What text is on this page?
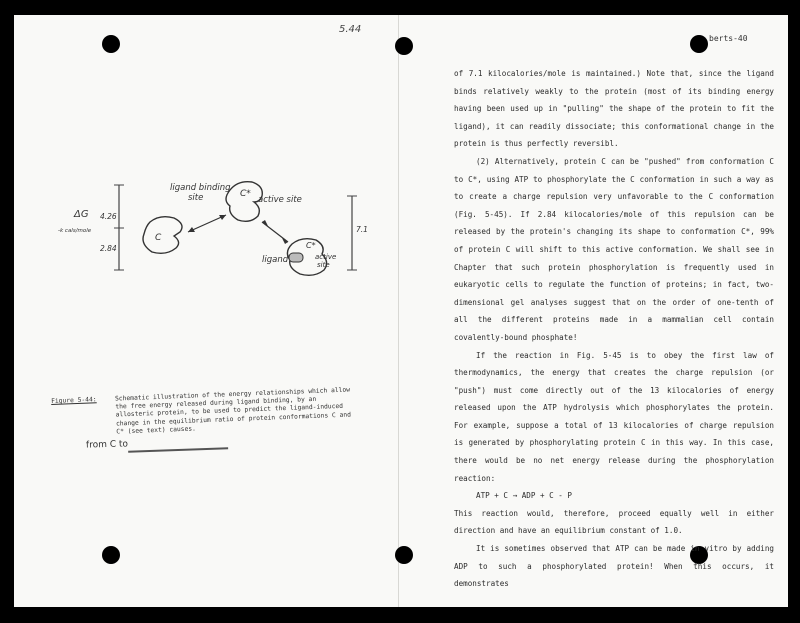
5.44
berts-40
ΔG 4.26
-k cals/mole
2.84
C
C*
ligand binding
site	active site
C*
ligand	active
site
7.1
Figure 5-44:	Schematic illustration of the energy relationships which allow the free energy released during ligand binding, by an allosteric protein, to be used to predict the ligand-induced change in the equilibrium ratio of protein conformations C and C* (see text) causes.
from C to

of 7.1 kilocalories/mole is maintained.) Note that, since the ligand binds relatively weakly to the protein (most of its binding energy having been used up in "pulling" the shape of the protein to fit the ligand), it can readily dissociate; this conformational change in the protein is thus perfectly reversibl.

(2) Alternatively, protein C can be "pushed" from conformation C to C*, using ATP to phosphorylate the C conformation in such a way as to create a charge repulsion very unfavorable to the C conformation (Fig. 5-45). If 2.84 kilocalories/mole of this repulsion can be released by the protein's changing its shape to conformation C*, 99% of protein C will shift to this active conformation. We shall see in Chapter that such protein phosphorylation is frequently used in eukaryotic cells to regulate the function of proteins; in fact, two-dimensional gel analyses suggest that on the order of one-tenth of all the different proteins made in a mammalian cell contain covalently-bound phosphate!

If the reaction in Fig. 5-45 is to obey the first law of thermodynamics, the energy that creates the charge repulsion (or "push") must come directly out of the 13 kilocalories of energy released upon the ATP hydrolysis which phosphorylates the protein. For example, suppose a total of 13 kilocalories of charge repulsion is generated by phosphorylating protein C in this way. In this case, there would be no net energy release during the phosphorylation reaction:

ATP + C → ADP + C - P

This reaction would, therefore, proceed equally well in either direction and have an equilibrium constant of 1.0.

It is sometimes observed that ATP can be made in vitro by adding ADP to such a phosphorylated protein! When this occurs, it demonstrates
